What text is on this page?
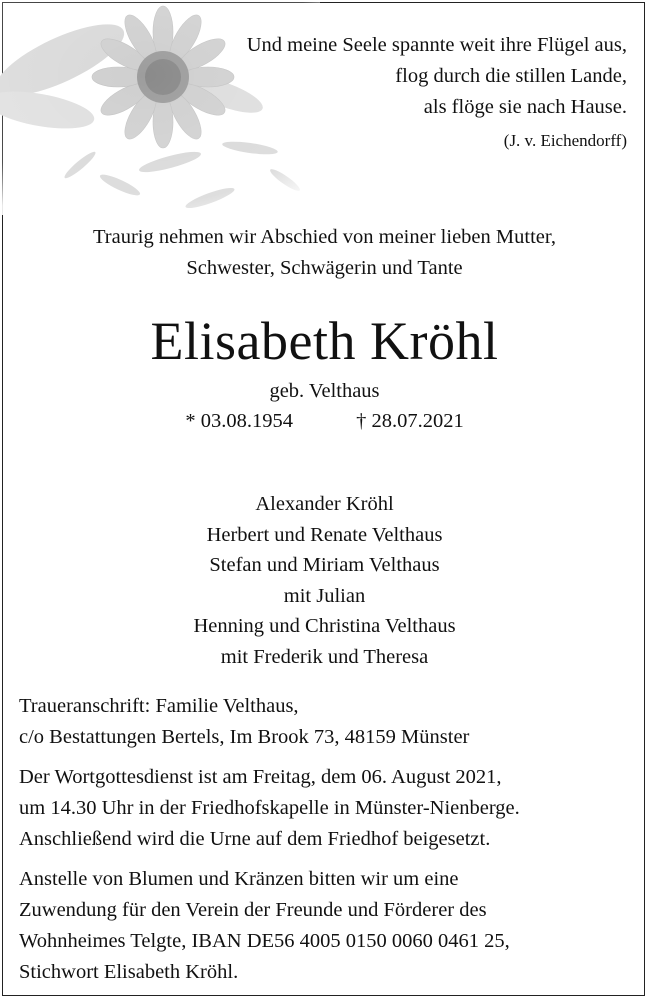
Und meine Seele spannte weit ihre Flügel aus,
flog durch die stillen Lande,
als flöge sie nach Hause.
(J. v. Eichendorff)
Traurig nehmen wir Abschied von meiner lieben Mutter,
Schwester, Schwägerin und Tante
Elisabeth Kröhl
geb. Velthaus
* 03.08.1954	† 28.07.2021
Alexander Kröhl
Herbert und Renate Velthaus
Stefan und Miriam Velthaus
mit Julian
Henning und Christina Velthaus
mit Frederik und Theresa
Traueranschrift: Familie Velthaus,
c/o Bestattungen Bertels, Im Brook 73, 48159 Münster
Der Wortgottesdienst ist am Freitag, dem 06. August 2021,
um 14.30 Uhr in der Friedhofskapelle in Münster-Nienberge.
Anschließend wird die Urne auf dem Friedhof beigesetzt.
Anstelle von Blumen und Kränzen bitten wir um eine
Zuwendung für den Verein der Freunde und Förderer des
Wohnheimes Telgte, IBAN DE56 4005 0150 0060 0461 25,
Stichwort Elisabeth Kröhl.
